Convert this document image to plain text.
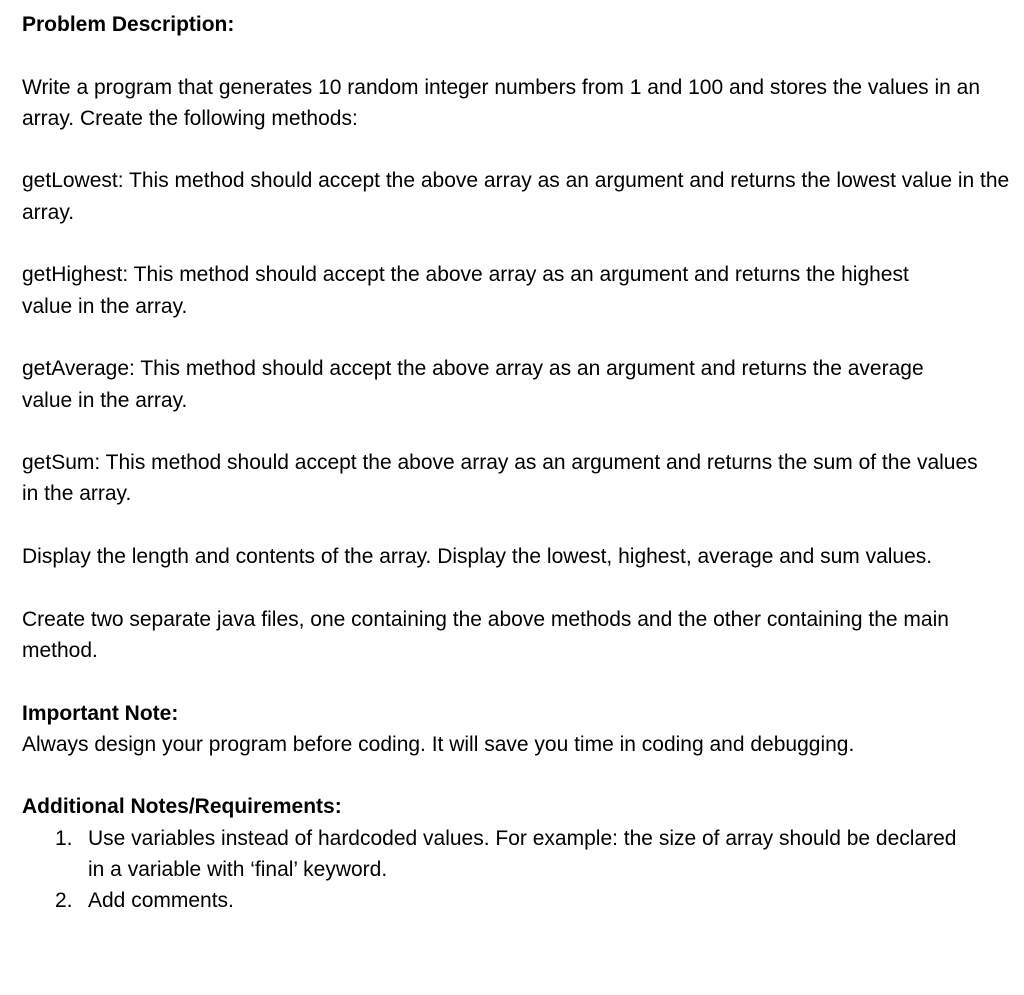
Problem Description:

Write a program that generates 10 random integer numbers from 1 and 100 and stores the values in an array. Create the following methods:

getLowest: This method should accept the above array as an argument and returns the lowest value in the array.

getHighest: This method should accept the above array as an argument and returns the highest value in the array.

getAverage: This method should accept the above array as an argument and returns the average value in the array.

getSum: This method should accept the above array as an argument and returns the sum of the values in the array.

Display the length and contents of the array. Display the lowest, highest, average and sum values.

Create two separate java files, one containing the above methods and the other containing the main method.

Important Note:

Always design your program before coding. It will save you time in coding and debugging.

Additional Notes/Requirements:

1. Use variables instead of hardcoded values. For example: the size of array should be declared in a variable with ‘final’ keyword.
2. Add comments.
